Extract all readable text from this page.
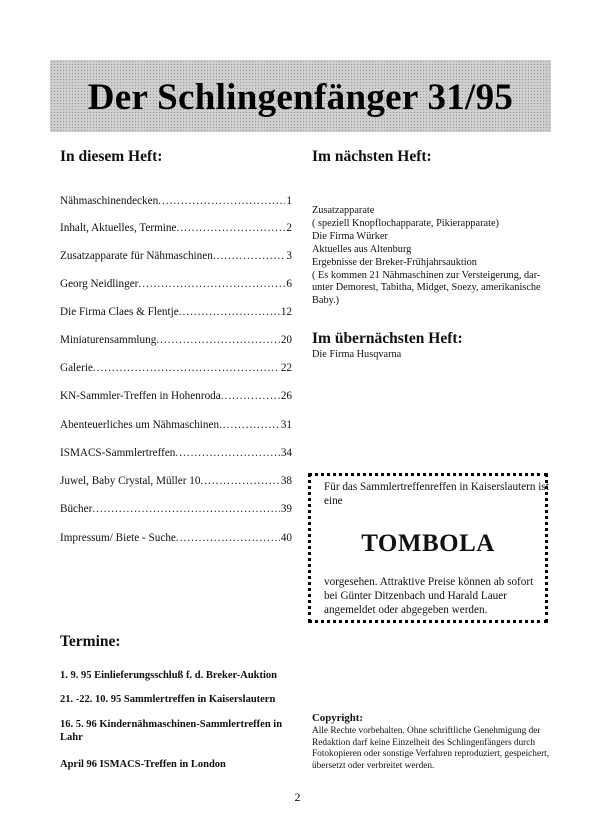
Der Schlingenfänger 31/95
In diesem Heft:
Nähmaschinendecken .....	1
Inhalt, Aktuelles, Termine .....	2
Zusatzapparate für Nähmaschinen .....	3
Georg Neidlinger .....	6
Die Firma Claes & Flentje .....	12
Miniaturensammlung .....	20
Galerie .....	22
KN-Sammler-Treffen in Hohenroda .....	26
Abenteuerliches um Nähmaschinen .....	31
ISMACS-Sammlertreffen .....	34
Juwel, Baby Crystal, Müller 10 .....	38
Bücher .....	39
Impressum/ Biete - Suche .....	40
Im nächsten Heft:
Zusatzapparate
( speziell Knopflochapparate, Pikierapparate)
Die Firma Würker
Aktuelles aus Altenburg
Ergebnisse der Breker-Frühjahrsauktion
( Es kommen 21 Nähmaschinen zur Versteigerung, dar-
unter Demorest, Tabitha, Midget, Soezy, amerikanische
Baby.)
Im übernächsten Heft:
Die Firma Husqvarna
Für das Sammlertreffenreffen in Kaiserslautern ist eine
TOMBOLA
vorgesehen. Attraktive Preise können ab sofort bei Günter Ditzenbach und Harald Lauer angemeldet oder abgegeben werden.
Termine:
1. 9. 95 Einlieferungsschluß f. d. Breker-Auktion
21. -22. 10. 95 Sammlertreffen in Kaiserslautern
16. 5. 96 Kindernähmaschinen-Sammlertreffen in Lahr
April 96 ISMACS-Treffen in London
Copyright:
Alle Rechte vorbehalten. Ohne schriftliche Genehmigung der Redaktion darf keine Einzelheit des Schlingenfängers durch Fotokopieren oder sonstige Verfahren reproduziert, gespeichert, übersetzt oder verbreitet werden.
2
